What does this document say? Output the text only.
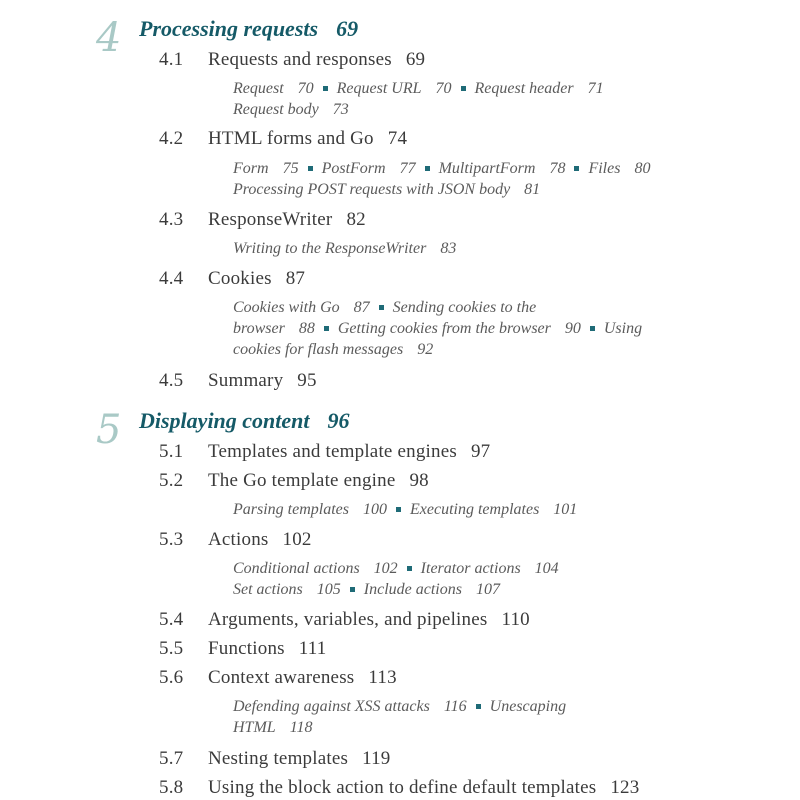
4 Processing requests 69
4.1 Requests and responses 69
Request 70 Request URL 70 Request header 71
Request body 73
4.2 HTML forms and Go 74
Form 75 PostForm 77 MultipartForm 78 Files 80
Processing POST requests with JSON body 81
4.3 ResponseWriter 82
Writing to the ResponseWriter 83
4.4 Cookies 87
Cookies with Go 87 Sending cookies to the
browser 88 Getting cookies from the browser 90 Using
cookies for flash messages 92
4.5 Summary 95
5 Displaying content 96
5.1 Templates and template engines 97
5.2 The Go template engine 98
Parsing templates 100 Executing templates 101
5.3 Actions 102
Conditional actions 102 Iterator actions 104
Set actions 105 Include actions 107
5.4 Arguments, variables, and pipelines 110
5.5 Functions 111
5.6 Context awareness 113
Defending against XSS attacks 116 Unescaping
HTML 118
5.7 Nesting templates 119
5.8 Using the block action to define default templates 123
